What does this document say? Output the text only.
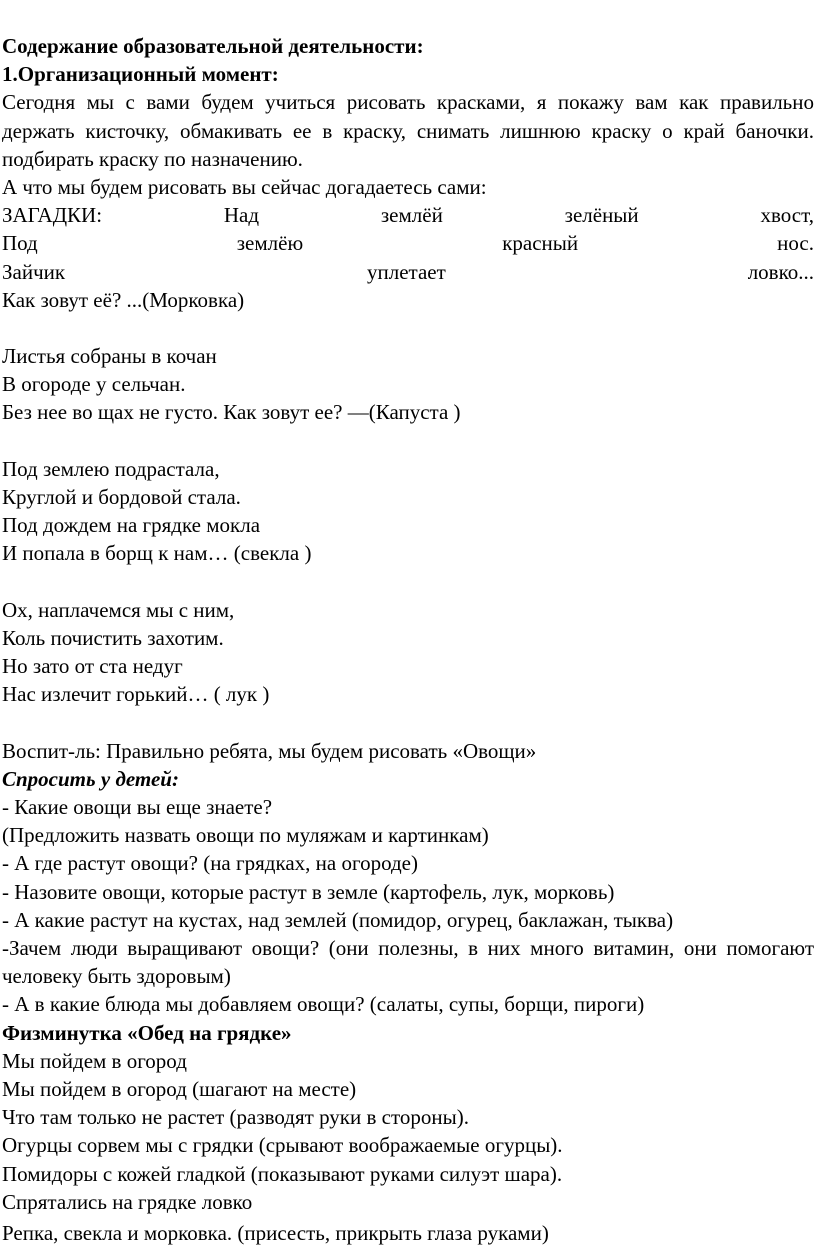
Содержание образовательной деятельности:
1.Организационный момент:
Сегодня мы с вами будем учиться рисовать красками, я покажу вам как правильно держать кисточку, обмакивать ее в краску, снимать лишнюю краску о край баночки. подбирать краску по назначению.
А что мы будем рисовать вы сейчас догадаетесь сами:
ЗАГАДКИ:	Над	землёй	зелёный	хвост,
Под	землёю	красный	нос.
Зайчик	уплетает	ловко...
Как зовут её? ...(Морковка)
Листья собраны в кочан
В огороде у сельчан.
Без нее во щах не густо. Как зовут ее? —(Капуста )
Под землею подрастала,
Круглой и бордовой стала.
Под дождем на грядке мокла
И попала в борщ к нам… (свекла )
Ох, наплачемся мы с ним,
Коль почистить захотим.
Но зато от ста недуг
Нас излечит горький… ( лук )
Воспит-ль: Правильно ребята, мы будем рисовать «Овощи»
Спросить у детей:
- Какие овощи вы еще знаете?
(Предложить назвать овощи по муляжам и картинкам)
- А где растут овощи? (на грядках, на огороде)
- Назовите овощи, которые растут в земле (картофель, лук, морковь)
- А какие растут на кустах, над землей (помидор, огурец, баклажан, тыква)
-Зачем люди выращивают овощи? (они полезны, в них много витамин, они помогают человеку быть здоровым)
- А в какие блюда мы добавляем овощи? (салаты, супы, борщи, пироги)
Физминутка «Обед на грядке»
Мы пойдем в огород
Мы пойдем в огород (шагают на месте)
Что там только не растет (разводят руки в стороны).
Огурцы сорвем мы с грядки (срывают воображаемые огурцы).
Помидоры с кожей гладкой (показывают руками силуэт шара).
Спрятались на грядке ловко
Репка, свекла и морковка. (присесть, прикрыть глаза руками)
